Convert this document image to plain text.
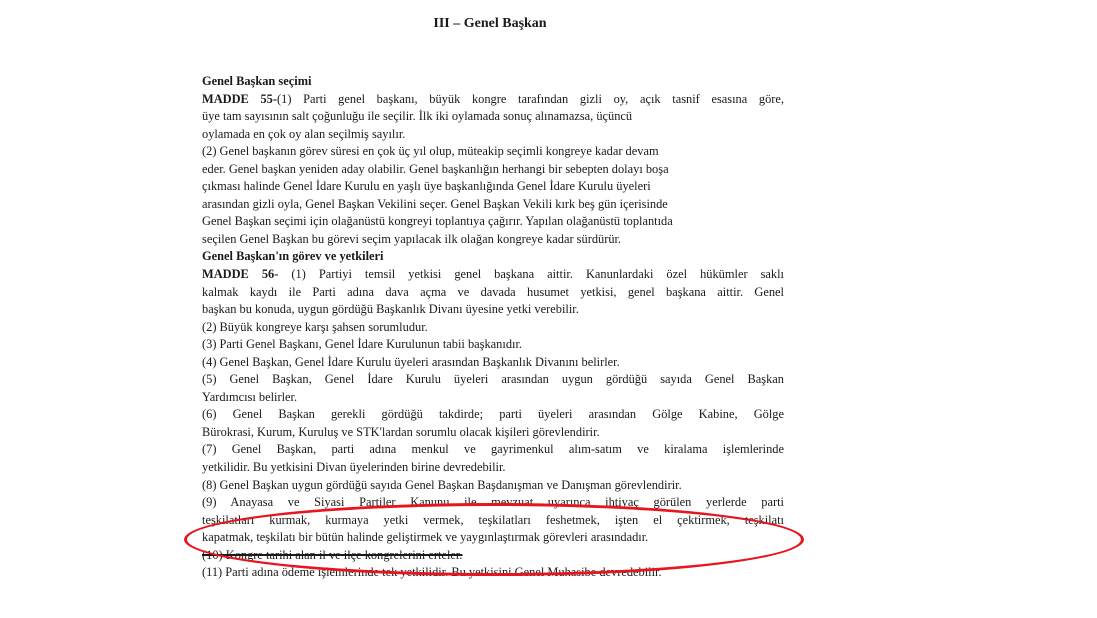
III – Genel Başkan
Genel Başkan seçimi
MADDE 55-(1) Parti genel başkanı, büyük kongre tarafından gizli oy, açık tasnif esasına göre,
üye tam sayısının salt çoğunluğu ile seçilir. İlk iki oylamada sonuç alınamazsa, üçüncü
oylamada en çok oy alan seçilmiş sayılır.
(2) Genel başkanın görev süresi en çok üç yıl olup, müteakip seçimli kongreye kadar devam
eder. Genel başkan yeniden aday olabilir. Genel başkanlığın herhangi bir sebepten dolayı boşa
çıkması halinde Genel İdare Kurulu en yaşlı üye başkanlığında Genel İdare Kurulu üyeleri
arasından gizli oyla, Genel Başkan Vekilini seçer. Genel Başkan Vekili kırk beş gün içerisinde
Genel Başkan seçimi için olağanüstü kongreyi toplantıya çağırır. Yapılan olağanüstü toplantıda
seçilen Genel Başkan bu görevi seçim yapılacak ilk olağan kongreye kadar sürdürür.
Genel Başkan'ın görev ve yetkileri
MADDE 56- (1) Partiyi temsil yetkisi genel başkana aittir. Kanunlardaki özel hükümler saklı
kalmak kaydı ile Parti adına dava açma ve davada husumet yetkisi, genel başkana aittir. Genel
başkan bu konuda, uygun gördüğü Başkanlık Divanı üyesine yetki verebilir.
(2) Büyük kongreye karşı şahsen sorumludur.
(3) Parti Genel Başkanı, Genel İdare Kurulunun tabii başkanıdır.
(4) Genel Başkan, Genel İdare Kurulu üyeleri arasından Başkanlık Divanını belirler.
(5) Genel Başkan, Genel İdare Kurulu üyeleri arasından uygun gördüğü sayıda Genel Başkan
Yardımcısı belirler.
(6) Genel Başkan gerekli gördüğü takdirde; parti üyeleri arasından Gölge Kabine, Gölge
Bürokrasi, Kurum, Kuruluş ve STK'lardan sorumlu olacak kişileri görevlendirir.
(7) Genel Başkan, parti adına menkul ve gayrimenkul alım-satım ve kiralama işlemlerinde
yetkilidir. Bu yetkisini Divan üyelerinden birine devredebilir.
(8) Genel Başkan uygun gördüğü sayıda Genel Başkan Başdanışman ve Danışman görevlendirir.
(9) Anayasa ve Siyasi Partiler Kanunu ile mevzuat uyarınca ihtiyaç görülen yerlerde parti
teşkilatları kurmak, kurmaya yetki vermek, teşkilatları feshetmek, işten el çektirmek, teşkilatı
kapatmak, teşkilatı bir bütün halinde geliştirmek ve yaygınlaştırmak görevleri arasındadır.
(10) Kongre tarihi alan il ve ilçe kongrelerini erteler.
(11) Parti adına ödeme işlemlerinde tek yetkilidir. Bu yetkisini Genel Muhasibe devredebilir.
